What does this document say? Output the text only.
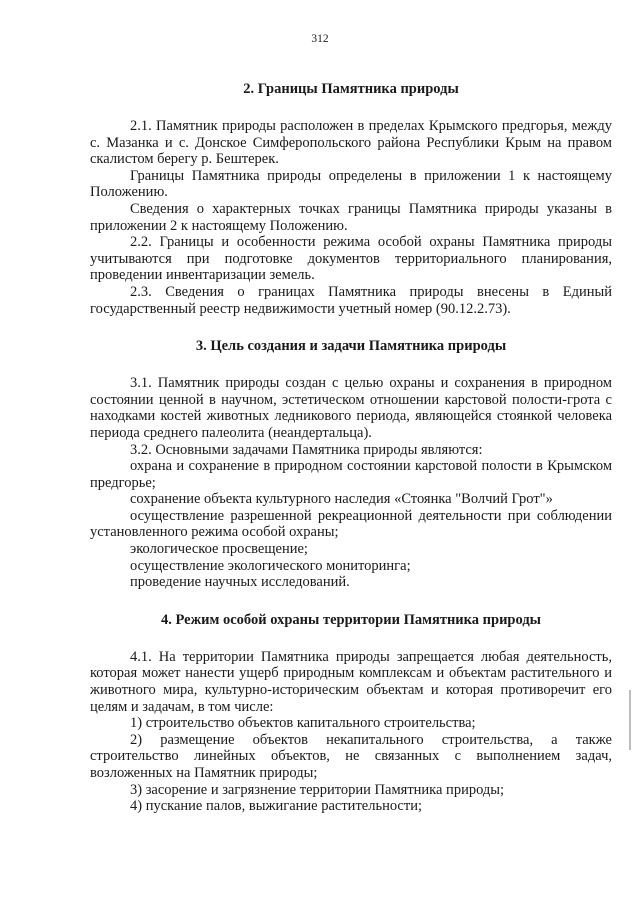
312
2. Границы Памятника природы

2.1. Памятник природы расположен в пределах Крымского предгорья, между с. Мазанка и с. Донское Симферопольского района Республики Крым на правом скалистом берегу р. Бештерек.

Границы Памятника природы определены в приложении 1 к настоящему Положению.

Сведения о характерных точках границы Памятника природы указаны в приложении 2 к настоящему Положению.

2.2. Границы и особенности режима особой охраны Памятника природы учитываются при подготовке документов территориального планирования, проведении инвентаризации земель.

2.3. Сведения о границах Памятника природы внесены в Единый государственный реестр недвижимости учетный номер (90.12.2.73).

3. Цель создания и задачи Памятника природы

3.1. Памятник природы создан с целью охраны и сохранения в природном состоянии ценной в научном, эстетическом отношении карстовой полости-грота с находками костей животных ледникового периода, являющейся стоянкой человека периода среднего палеолита (неандертальца).

3.2. Основными задачами Памятника природы являются:

охрана и сохранение в природном состоянии карстовой полости в Крымском предгорье;

сохранение объекта культурного наследия «Стоянка "Волчий Грот"»

осуществление разрешенной рекреационной деятельности при соблюдении установленного режима особой охраны;

экологическое просвещение;

осуществление экологического мониторинга;

проведение научных исследований.

4. Режим особой охраны территории Памятника природы

4.1. На территории Памятника природы запрещается любая деятельность, которая может нанести ущерб природным комплексам и объектам растительного и животного мира, культурно-историческим объектам и которая противоречит его целям и задачам, в том числе:

1) строительство объектов капитального строительства;

2) размещение объектов некапитального строительства, а также строительство линейных объектов, не связанных с выполнением задач, возложенных на Памятник природы;

3) засорение и загрязнение территории Памятника природы;

4) пускание палов, выжигание растительности;
